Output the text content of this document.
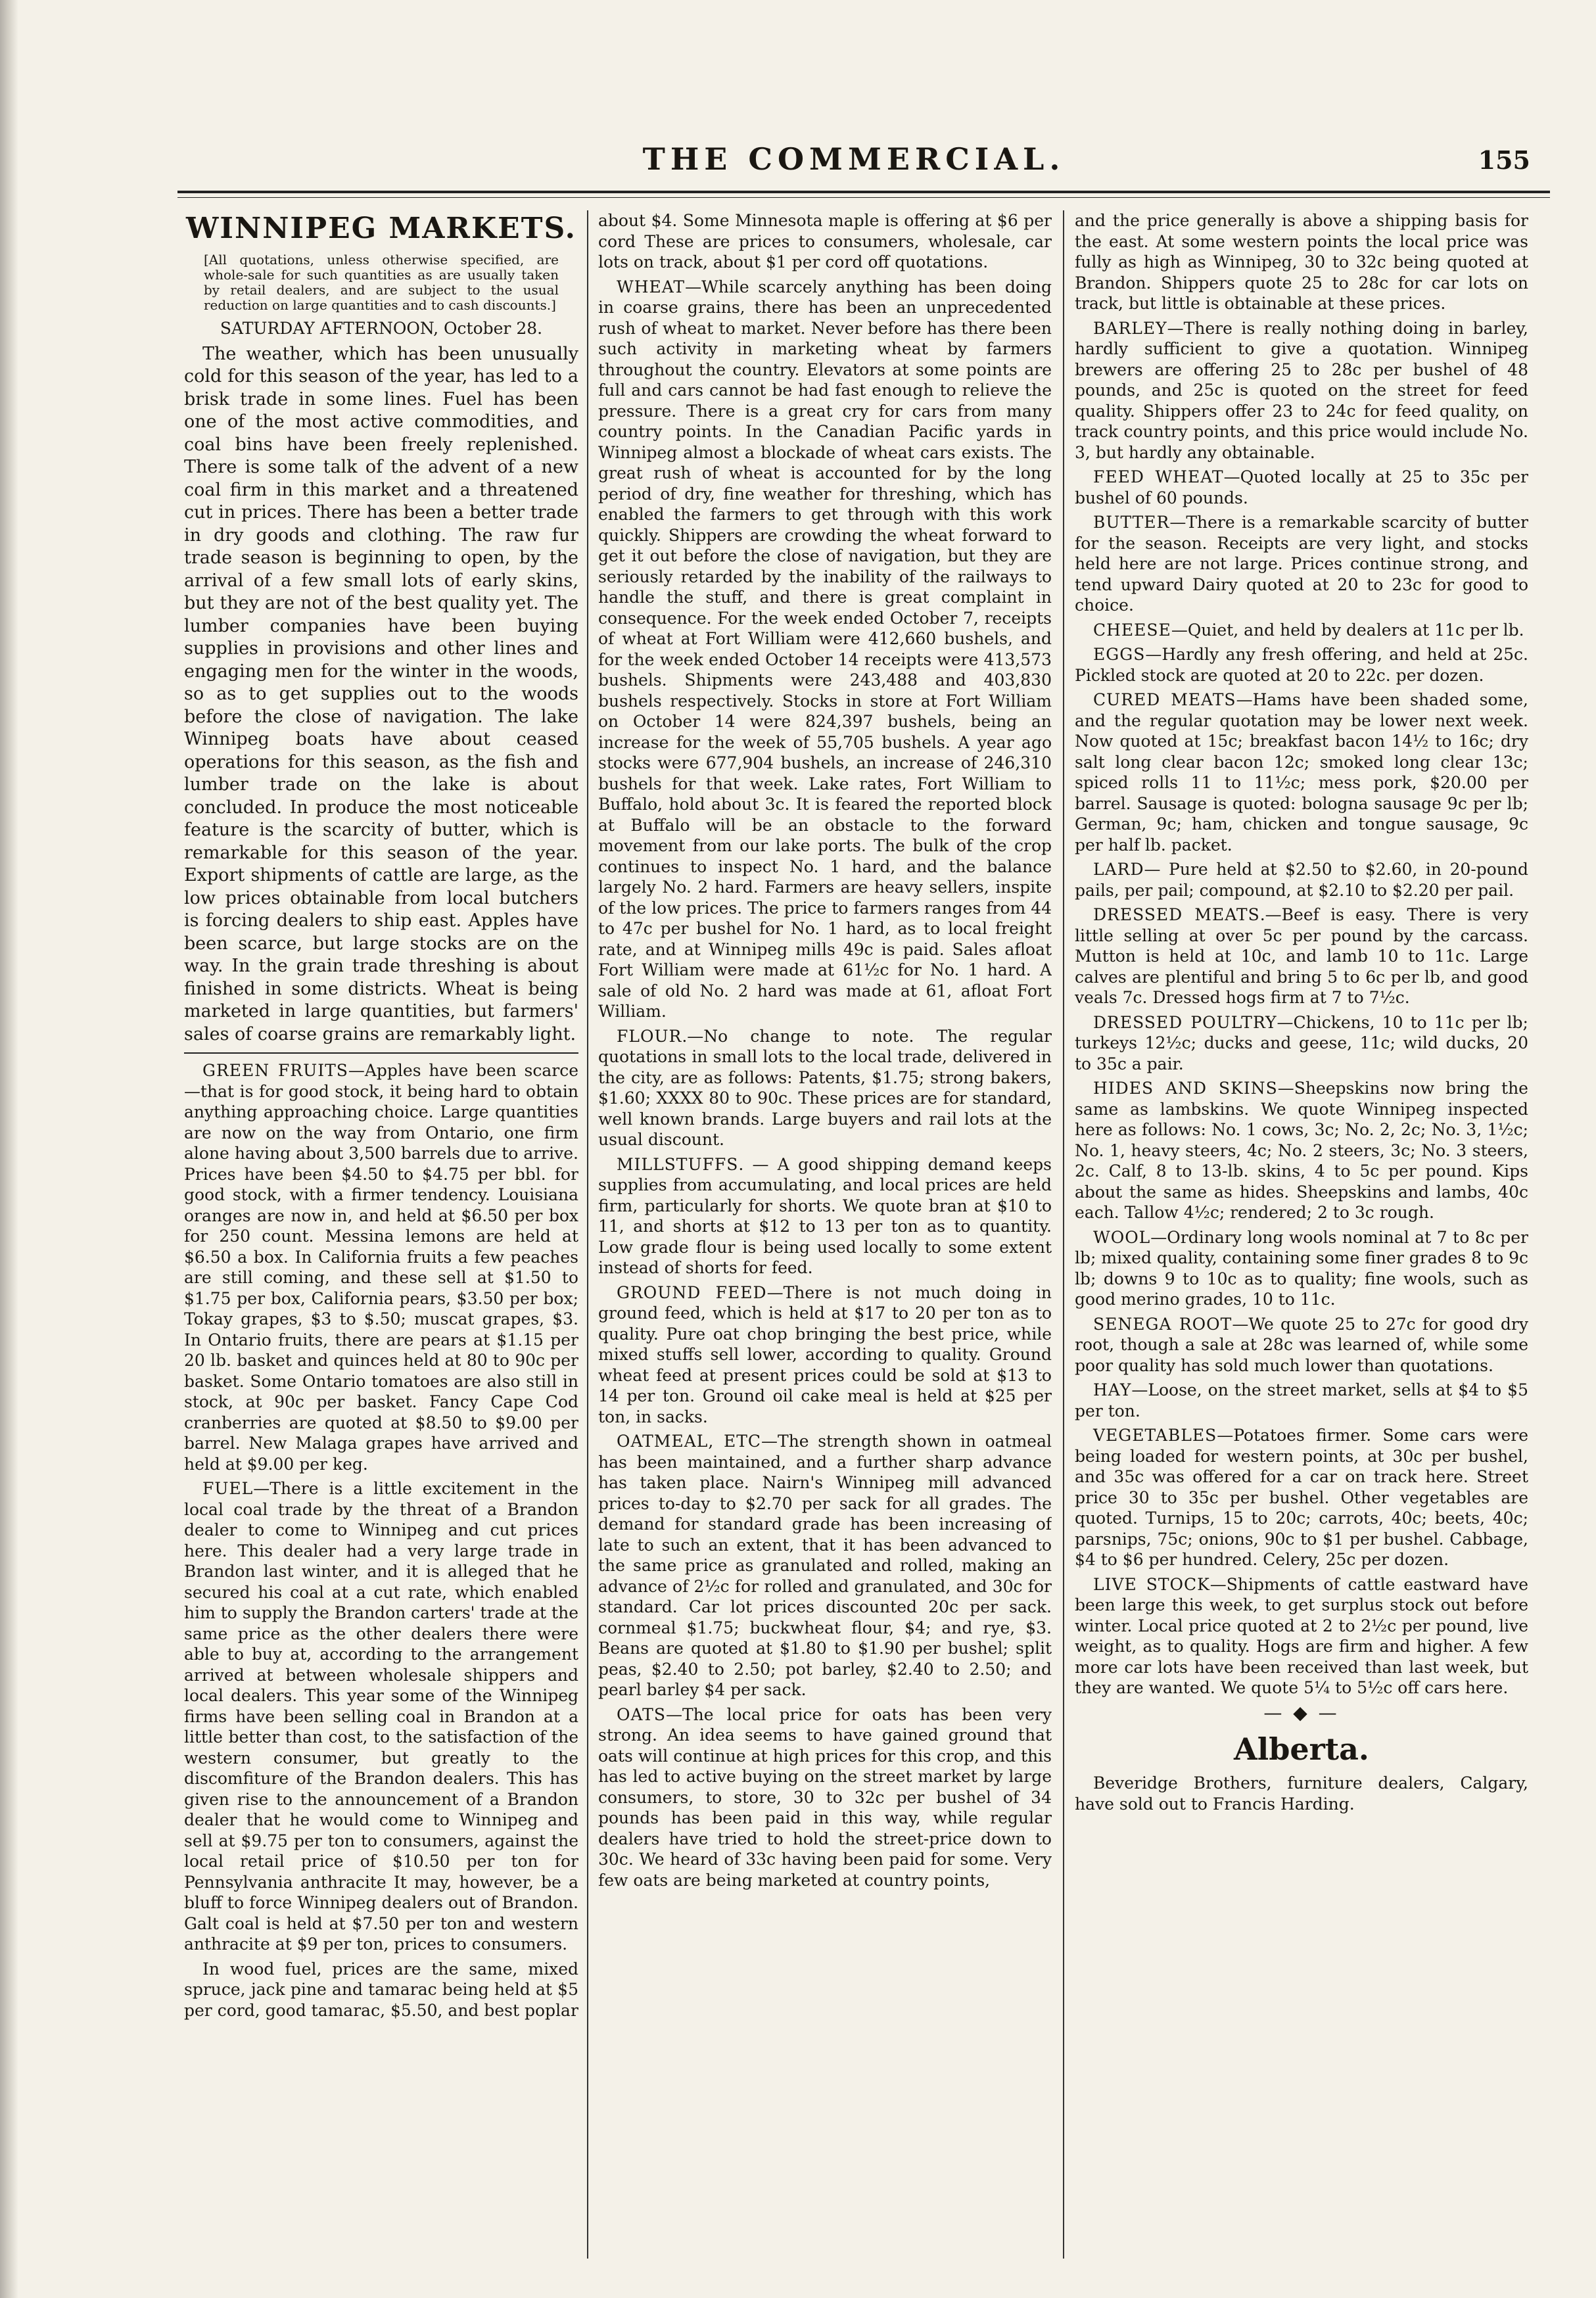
THE COMMERCIAL.	155
WINNIPEG MARKETS.
[All quotations, unless otherwise specified, are whole-sale for such quantities as are usually taken by retail dealers, and are subject to the usual reduction on large quantities and to cash discounts.]
SATURDAY AFTERNOON, October 28.

The weather, which has been unusually cold for this season of the year, has led to a brisk trade in some lines. Fuel has been one of the most active commodities, and coal bins have been freely replenished. There is some talk of the advent of a new coal firm in this market and a threatened cut in prices. There has been a better trade in dry goods and clothing. The raw fur trade season is beginning to open, by the arrival of a few small lots of early skins, but they are not of the best quality yet. The lumber companies have been buying supplies in provisions and other lines and engaging men for the winter in the woods, so as to get supplies out to the woods before the close of navigation. The lake Winnipeg boats have about ceased operations for this season, as the fish and lumber trade on the lake is about concluded. In produce the most noticeable feature is the scarcity of butter, which is remarkable for this season of the year. Export shipments of cattle are large, as the low prices obtainable from local butchers is forcing dealers to ship east. Apples have been scarce, but large stocks are on the way. In the grain trade threshing is about finished in some districts. Wheat is being marketed in large quantities, but farmers' sales of coarse grains are remarkably light.

GREEN FRUITS—Apples have been scarce—that is for good stock, it being hard to obtain anything approaching choice. Large quantities are now on the way from Ontario, one firm alone having about 3,500 barrels due to arrive. Prices have been $4.50 to $4.75 per bbl. for good stock, with a firmer tendency. Louisiana oranges are now in, and held at $6.50 per box for 250 count. Messina lemons are held at $6.50 a box. In California fruits a few peaches are still coming, and these sell at $1.50 to $1.75 per box, California pears, $3.50 per box; Tokay grapes, $3 to $.50; muscat grapes, $3. In Ontario fruits, there are pears at $1.15 per 20 lb. basket and quinces held at 80 to 90c per basket. Some Ontario tomatoes are also still in stock, at 90c per basket. Fancy Cape Cod cranberries are quoted at $8.50 to $9.00 per barrel. New Malaga grapes have arrived and held at $9.00 per keg.

FUEL—There is a little excitement in the local coal trade by the threat of a Brandon dealer to come to Winnipeg and cut prices here. This dealer had a very large trade in Brandon last winter, and it is alleged that he secured his coal at a cut rate, which enabled him to supply the Brandon carters' trade at the same price as the other dealers there were able to buy at, according to the arrangement arrived at between wholesale shippers and local dealers. This year some of the Winnipeg firms have been selling coal in Brandon at a little better than cost, to the satisfaction of the western consumer, but greatly to the discomfiture of the Brandon dealers. This has given rise to the announcement of a Brandon dealer that he would come to Winnipeg and sell at $9.75 per ton to consumers, against the local retail price of $10.50 per ton for Pennsylvania anthracite It may, however, be a bluff to force Winnipeg dealers out of Brandon. Galt coal is held at $7.50 per ton and western anthracite at $9 per ton, prices to consumers.

In wood fuel, prices are the same, mixed spruce, jack pine and tamarac being held at $5 per cord, good tamarac, $5.50, and best poplar

about $4. Some Minnesota maple is offering at $6 per cord These are prices to consumers, wholesale, car lots on track, about $1 per cord off quotations.

WHEAT—While scarcely anything has been doing in coarse grains, there has been an unprecedented rush of wheat to market. Never before has there been such activity in marketing wheat by farmers throughout the country. Elevators at some points are full and cars cannot be had fast enough to relieve the pressure. There is a great cry for cars from many country points. In the Canadian Pacific yards in Winnipeg almost a blockade of wheat cars exists. The great rush of wheat is accounted for by the long period of dry, fine weather for threshing, which has enabled the farmers to get through with this work quickly. Shippers are crowding the wheat forward to get it out before the close of navigation, but they are seriously retarded by the inability of the railways to handle the stuff, and there is great complaint in consequence. For the week ended October 7, receipts of wheat at Fort William were 412,660 bushels, and for the week ended October 14 receipts were 413,573 bushels. Shipments were 243,488 and 403,830 bushels respectively. Stocks in store at Fort William on October 14 were 824,397 bushels, being an increase for the week of 55,705 bushels. A year ago stocks were 677,904 bushels, an increase of 246,310 bushels for that week. Lake rates, Fort William to Buffalo, hold about 3c. It is feared the reported block at Buffalo will be an obstacle to the forward movement from our lake ports. The bulk of the crop continues to inspect No. 1 hard, and the balance largely No. 2 hard. Farmers are heavy sellers, inspite of the low prices. The price to farmers ranges from 44 to 47c per bushel for No. 1 hard, as to local freight rate, and at Winnipeg mills 49c is paid. Sales afloat Fort William were made at 61½c for No. 1 hard. A sale of old No. 2 hard was made at 61, afloat Fort William.

FLOUR.—No change to note. The regular quotations in small lots to the local trade, delivered in the city, are as follows: Patents, $1.75; strong bakers, $1.60; XXXX 80 to 90c. These prices are for standard, well known brands. Large buyers and rail lots at the usual discount.

MILLSTUFFS. — A good shipping demand keeps supplies from accumulating, and local prices are held firm, particularly for shorts. We quote bran at $10 to 11, and shorts at $12 to 13 per ton as to quantity. Low grade flour is being used locally to some extent instead of shorts for feed.

GROUND FEED—There is not much doing in ground feed, which is held at $17 to 20 per ton as to quality. Pure oat chop bringing the best price, while mixed stuffs sell lower, according to quality. Ground wheat feed at present prices could be sold at $13 to 14 per ton. Ground oil cake meal is held at $25 per ton, in sacks.

OATMEAL, ETC—The strength shown in oatmeal has been maintained, and a further sharp advance has taken place. Nairn's Winnipeg mill advanced prices to-day to $2.70 per sack for all grades. The demand for standard grade has been increasing of late to such an extent, that it has been advanced to the same price as granulated and rolled, making an advance of 2½c for rolled and granulated, and 30c for standard. Car lot prices discounted 20c per sack. cornmeal $1.75; buckwheat flour, $4; and rye, $3. Beans are quoted at $1.80 to $1.90 per bushel; split peas, $2.40 to 2.50; pot barley, $2.40 to 2.50; and pearl barley $4 per sack.

OATS—The local price for oats has been very strong. An idea seems to have gained ground that oats will continue at high prices for this crop, and this has led to active buying on the street market by large consumers, to store, 30 to 32c per bushel of 34 pounds has been paid in this way, while regular dealers have tried to hold the street-price down to 30c. We heard of 33c having been paid for some. Very few oats are being marketed at country points,

and the price generally is above a shipping basis for the east. At some western points the local price was fully as high as Winnipeg, 30 to 32c being quoted at Brandon. Shippers quote 25 to 28c for car lots on track, but little is obtainable at these prices.

BARLEY—There is really nothing doing in barley, hardly sufficient to give a quotation. Winnipeg brewers are offering 25 to 28c per bushel of 48 pounds, and 25c is quoted on the street for feed quality. Shippers offer 23 to 24c for feed quality, on track country points, and this price would include No. 3, but hardly any obtainable.

FEED WHEAT—Quoted locally at 25 to 35c per bushel of 60 pounds.

BUTTER—There is a remarkable scarcity of butter for the season. Receipts are very light, and stocks held here are not large. Prices continue strong, and tend upward Dairy quoted at 20 to 23c for good to choice.

CHEESE—Quiet, and held by dealers at 11c per lb.

EGGS—Hardly any fresh offering, and held at 25c. Pickled stock are quoted at 20 to 22c. per dozen.

CURED MEATS—Hams have been shaded some, and the regular quotation may be lower next week. Now quoted at 15c; breakfast bacon 14½ to 16c; dry salt long clear bacon 12c; smoked long clear 13c; spiced rolls 11 to 11½c; mess pork, $20.00 per barrel. Sausage is quoted: bologna sausage 9c per lb; German, 9c; ham, chicken and tongue sausage, 9c per half lb. packet.

LARD— Pure held at $2.50 to $2.60, in 20-pound pails, per pail; compound, at $2.10 to $2.20 per pail.

DRESSED MEATS.—Beef is easy. There is very little selling at over 5c per pound by the carcass. Mutton is held at 10c, and lamb 10 to 11c. Large calves are plentiful and bring 5 to 6c per lb, and good veals 7c. Dressed hogs firm at 7 to 7½c.

DRESSED POULTRY—Chickens, 10 to 11c per lb; turkeys 12½c; ducks and geese, 11c; wild ducks, 20 to 35c a pair.

HIDES AND SKINS—Sheepskins now bring the same as lambskins. We quote Winnipeg inspected here as follows: No. 1 cows, 3c; No. 2, 2c; No. 3, 1½c; No. 1, heavy steers, 4c; No. 2 steers, 3c; No. 3 steers, 2c. Calf, 8 to 13-lb. skins, 4 to 5c per pound. Kips about the same as hides. Sheepskins and lambs, 40c each. Tallow 4½c; rendered; 2 to 3c rough.

WOOL—Ordinary long wools nominal at 7 to 8c per lb; mixed quality, containing some finer grades 8 to 9c lb; downs 9 to 10c as to quality; fine wools, such as good merino grades, 10 to 11c.

SENEGA ROOT—We quote 25 to 27c for good dry root, though a sale at 28c was learned of, while some poor quality has sold much lower than quotations.

HAY—Loose, on the street market, sells at $4 to $5 per ton.

VEGETABLES—Potatoes firmer. Some cars were being loaded for western points, at 30c per bushel, and 35c was offered for a car on track here. Street price 30 to 35c per bushel. Other vegetables are quoted. Turnips, 15 to 20c; carrots, 40c; beets, 40c; parsnips, 75c; onions, 90c to $1 per bushel. Cabbage, $4 to $6 per hundred. Celery, 25c per dozen.

LIVE STOCK—Shipments of cattle eastward have been large this week, to get surplus stock out before winter. Local price quoted at 2 to 2½c per pound, live weight, as to quality. Hogs are firm and higher. A few more car lots have been received than last week, but they are wanted. We quote 5¼ to 5½c off cars here.

— ◆ —
Alberta.

Beveridge Brothers, furniture dealers, Calgary, have sold out to Francis Harding.
